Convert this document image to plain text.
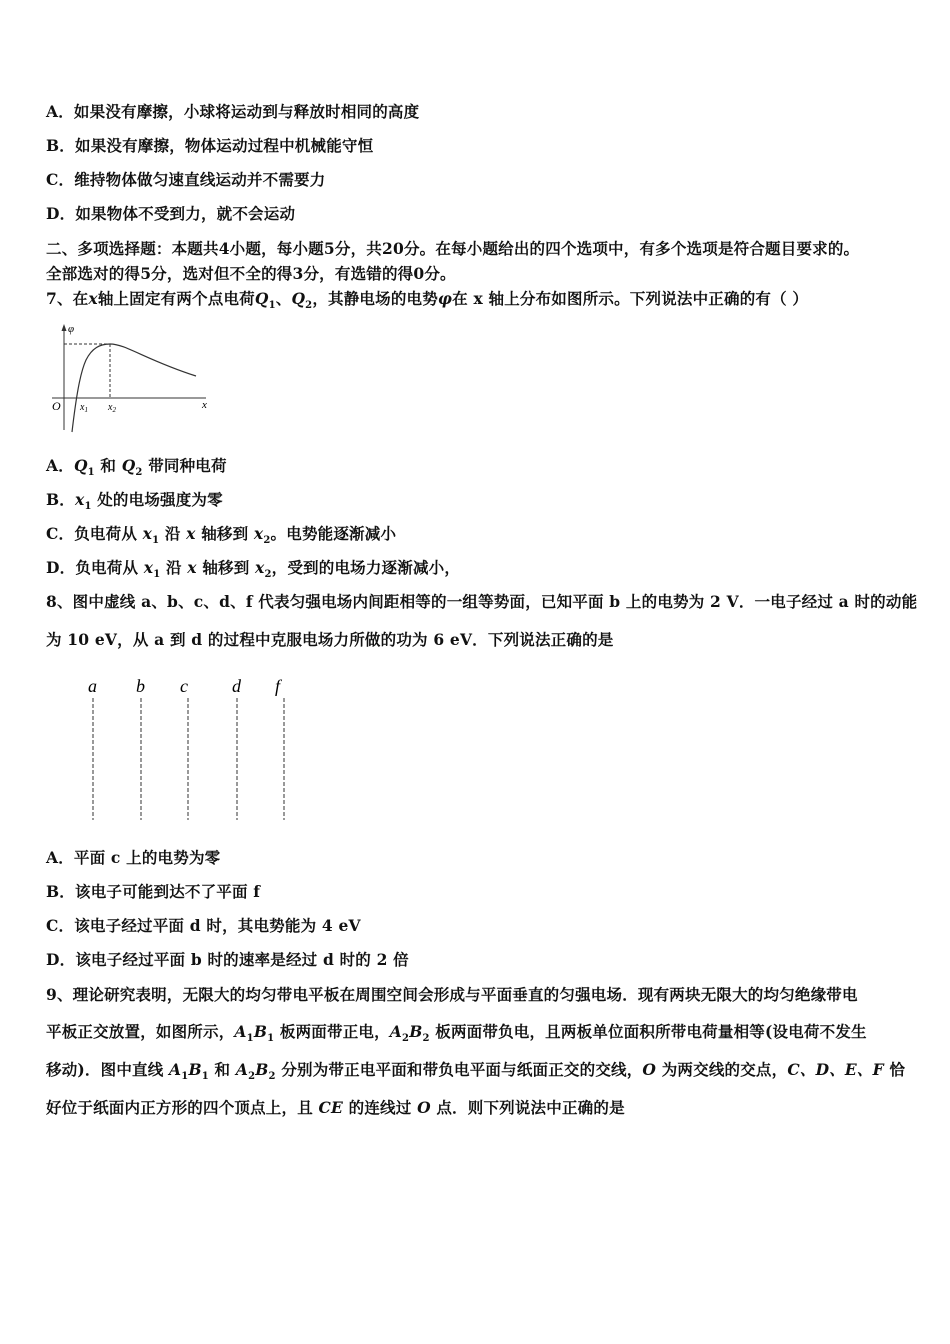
A．如果没有摩擦，小球将运动到与释放时相同的高度
B．如果没有摩擦，物体运动过程中机械能守恒
C．维持物体做匀速直线运动并不需要力
D．如果物体不受到力，就不会运动
二、多项选择题：本题共4小题，每小题5分，共20分。在每小题给出的四个选项中，有多个选项是符合题目要求的。
全部选对的得5分，选对但不全的得3分，有选错的得0分。
7、在x轴上固定有两个点电荷$Q_1$、$Q_2$，其静电场的电势φ在 x 轴上分布如图所示。下列说法中正确的有（ ）
φ
O $x_1$ $x_2$	x
A．$Q_1$ 和 $Q_2$ 带同种电荷
B．$x_1$ 处的电场强度为零
C．负电荷从 $x_1$ 沿 x 轴移到 $x_2$。电势能逐渐减小
D．负电荷从 $x_1$ 沿 x 轴移到 $x_2$，受到的电场力逐渐减小，
8、图中虚线 a、b、c、d、f 代表匀强电场内间距相等的一组等势面，已知平面 b 上的电势为 2 V．一电子经过 a 时的动能
为 10 eV，从 a 到 d 的过程中克服电场力所做的功为 6 eV．下列说法正确的是
a b c d f
A．平面 c 上的电势为零
B．该电子可能到达不了平面 f
C．该电子经过平面 d 时，其电势能为 4 eV
D．该电子经过平面 b 时的速率是经过 d 时的 2 倍
9、理论研究表明，无限大的均匀带电平板在周围空间会形成与平面垂直的匀强电场．现有两块无限大的均匀绝缘带电
平板正交放置，如图所示，$A_1B_1$ 板两面带正电，$A_2B_2$ 板两面带负电，且两板单位面积所带电荷量相等(设电荷不发生
移动)．图中直线 $A_1B_1$ 和 $A_2B_2$ 分别为带正电平面和带负电平面与纸面正交的交线，O 为两交线的交点，C、D、E、F 恰
好位于纸面内正方形的四个顶点上，且 CE 的连线过 O 点．则下列说法中正确的是
